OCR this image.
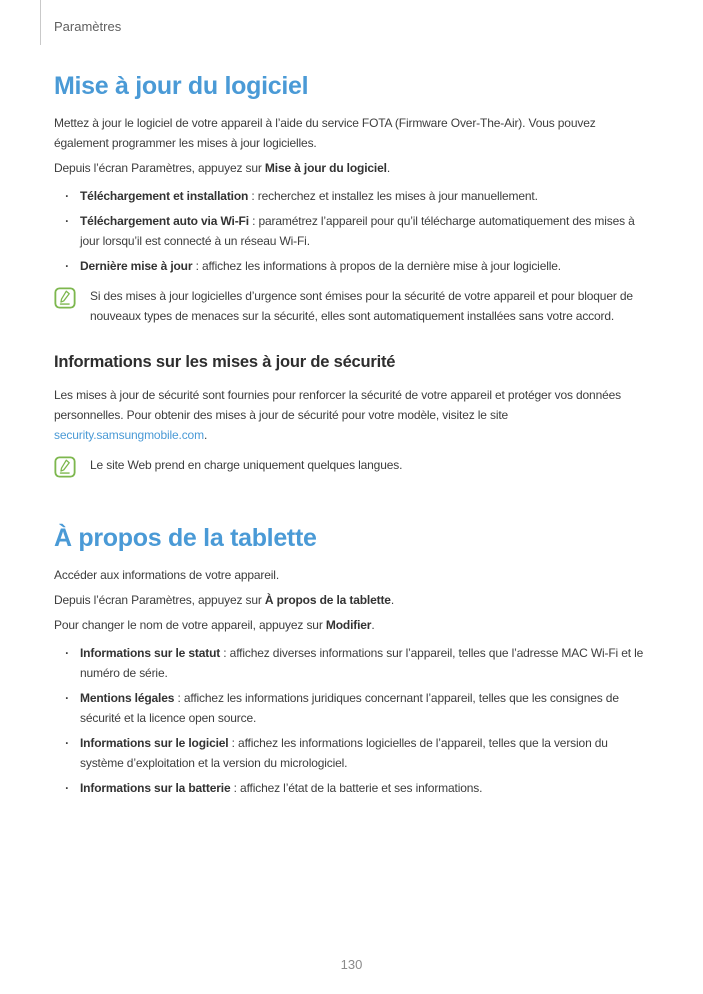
Paramètres
Mise à jour du logiciel

Mettez à jour le logiciel de votre appareil à l’aide du service FOTA (Firmware Over-The-Air). Vous pouvez également programmer les mises à jour logicielles.

Depuis l’écran Paramètres, appuyez sur Mise à jour du logiciel.

· Téléchargement et installation : recherchez et installez les mises à jour manuellement.
· Téléchargement auto via Wi-Fi : paramétrez l’appareil pour qu’il télécharge automatiquement des mises à jour lorsqu’il est connecté à un réseau Wi-Fi.
· Dernière mise à jour : affichez les informations à propos de la dernière mise à jour logicielle.
Si des mises à jour logicielles d’urgence sont émises pour la sécurité de votre appareil et pour bloquer de nouveaux types de menaces sur la sécurité, elles sont automatiquement installées sans votre accord.
Informations sur les mises à jour de sécurité

Les mises à jour de sécurité sont fournies pour renforcer la sécurité de votre appareil et protéger vos données personnelles. Pour obtenir des mises à jour de sécurité pour votre modèle, visitez le site security.samsungmobile.com.

Le site Web prend en charge uniquement quelques langues.
À propos de la tablette

Accéder aux informations de votre appareil.

Depuis l’écran Paramètres, appuyez sur À propos de la tablette.

Pour changer le nom de votre appareil, appuyez sur Modifier.

· Informations sur le statut : affichez diverses informations sur l’appareil, telles que l’adresse MAC Wi-Fi et le numéro de série.
· Mentions légales : affichez les informations juridiques concernant l’appareil, telles que les consignes de sécurité et la licence open source.
· Informations sur le logiciel : affichez les informations logicielles de l’appareil, telles que la version du système d’exploitation et la version du micrologiciel.
· Informations sur la batterie : affichez l’état de la batterie et ses informations.
130
